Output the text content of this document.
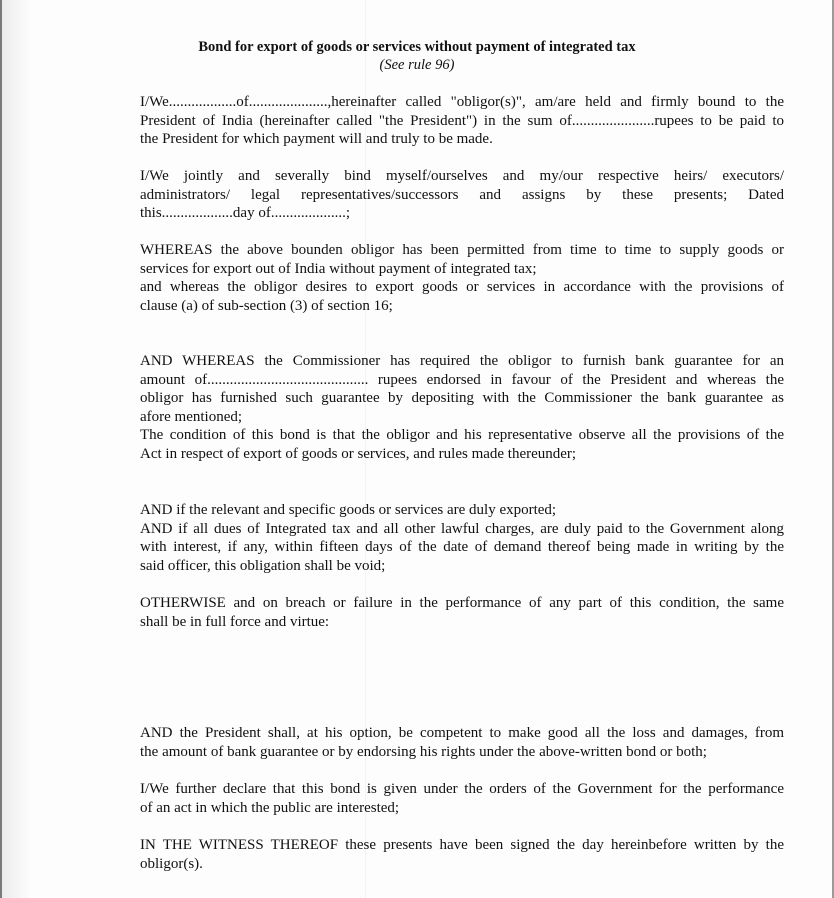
Bond for export of goods or services without payment of integrated tax
(See rule 96)

I/We..................of.....................,hereinafter called "obligor(s)", am/are held and firmly bound to the
President of India (hereinafter called "the President") in the sum of......................rupees to be paid to
the President for which payment will and truly to be made.

I/We jointly and severally bind myself/ourselves and my/our respective heirs/ executors/
administrators/ legal representatives/successors and assigns by these presents; Dated
this...................day of....................;

WHEREAS the above bounden obligor has been permitted from time to time to supply goods or
services for export out of India without payment of integrated tax;
and whereas the obligor desires to export goods or services in accordance with the provisions of
clause (a) of sub-section (3) of section 16;

AND WHEREAS the Commissioner has required the obligor to furnish bank guarantee for an
amount of........................................... rupees endorsed in favour of the President and whereas the
obligor has furnished such guarantee by depositing with the Commissioner the bank guarantee as
afore mentioned;
The condition of this bond is that the obligor and his representative observe all the provisions of the
Act in respect of export of goods or services, and rules made thereunder;

AND if the relevant and specific goods or services are duly exported;
AND if all dues of Integrated tax and all other lawful charges, are duly paid to the Government along
with interest, if any, within fifteen days of the date of demand thereof being made in writing by the
said officer, this obligation shall be void;

OTHERWISE and on breach or failure in the performance of any part of this condition, the same
shall be in full force and virtue:

AND the President shall, at his option, be competent to make good all the loss and damages, from
the amount of bank guarantee or by endorsing his rights under the above-written bond or both;

I/We further declare that this bond is given under the orders of the Government for the performance
of an act in which the public are interested;

IN THE WITNESS THEREOF these presents have been signed the day hereinbefore written by the
obligor(s).
